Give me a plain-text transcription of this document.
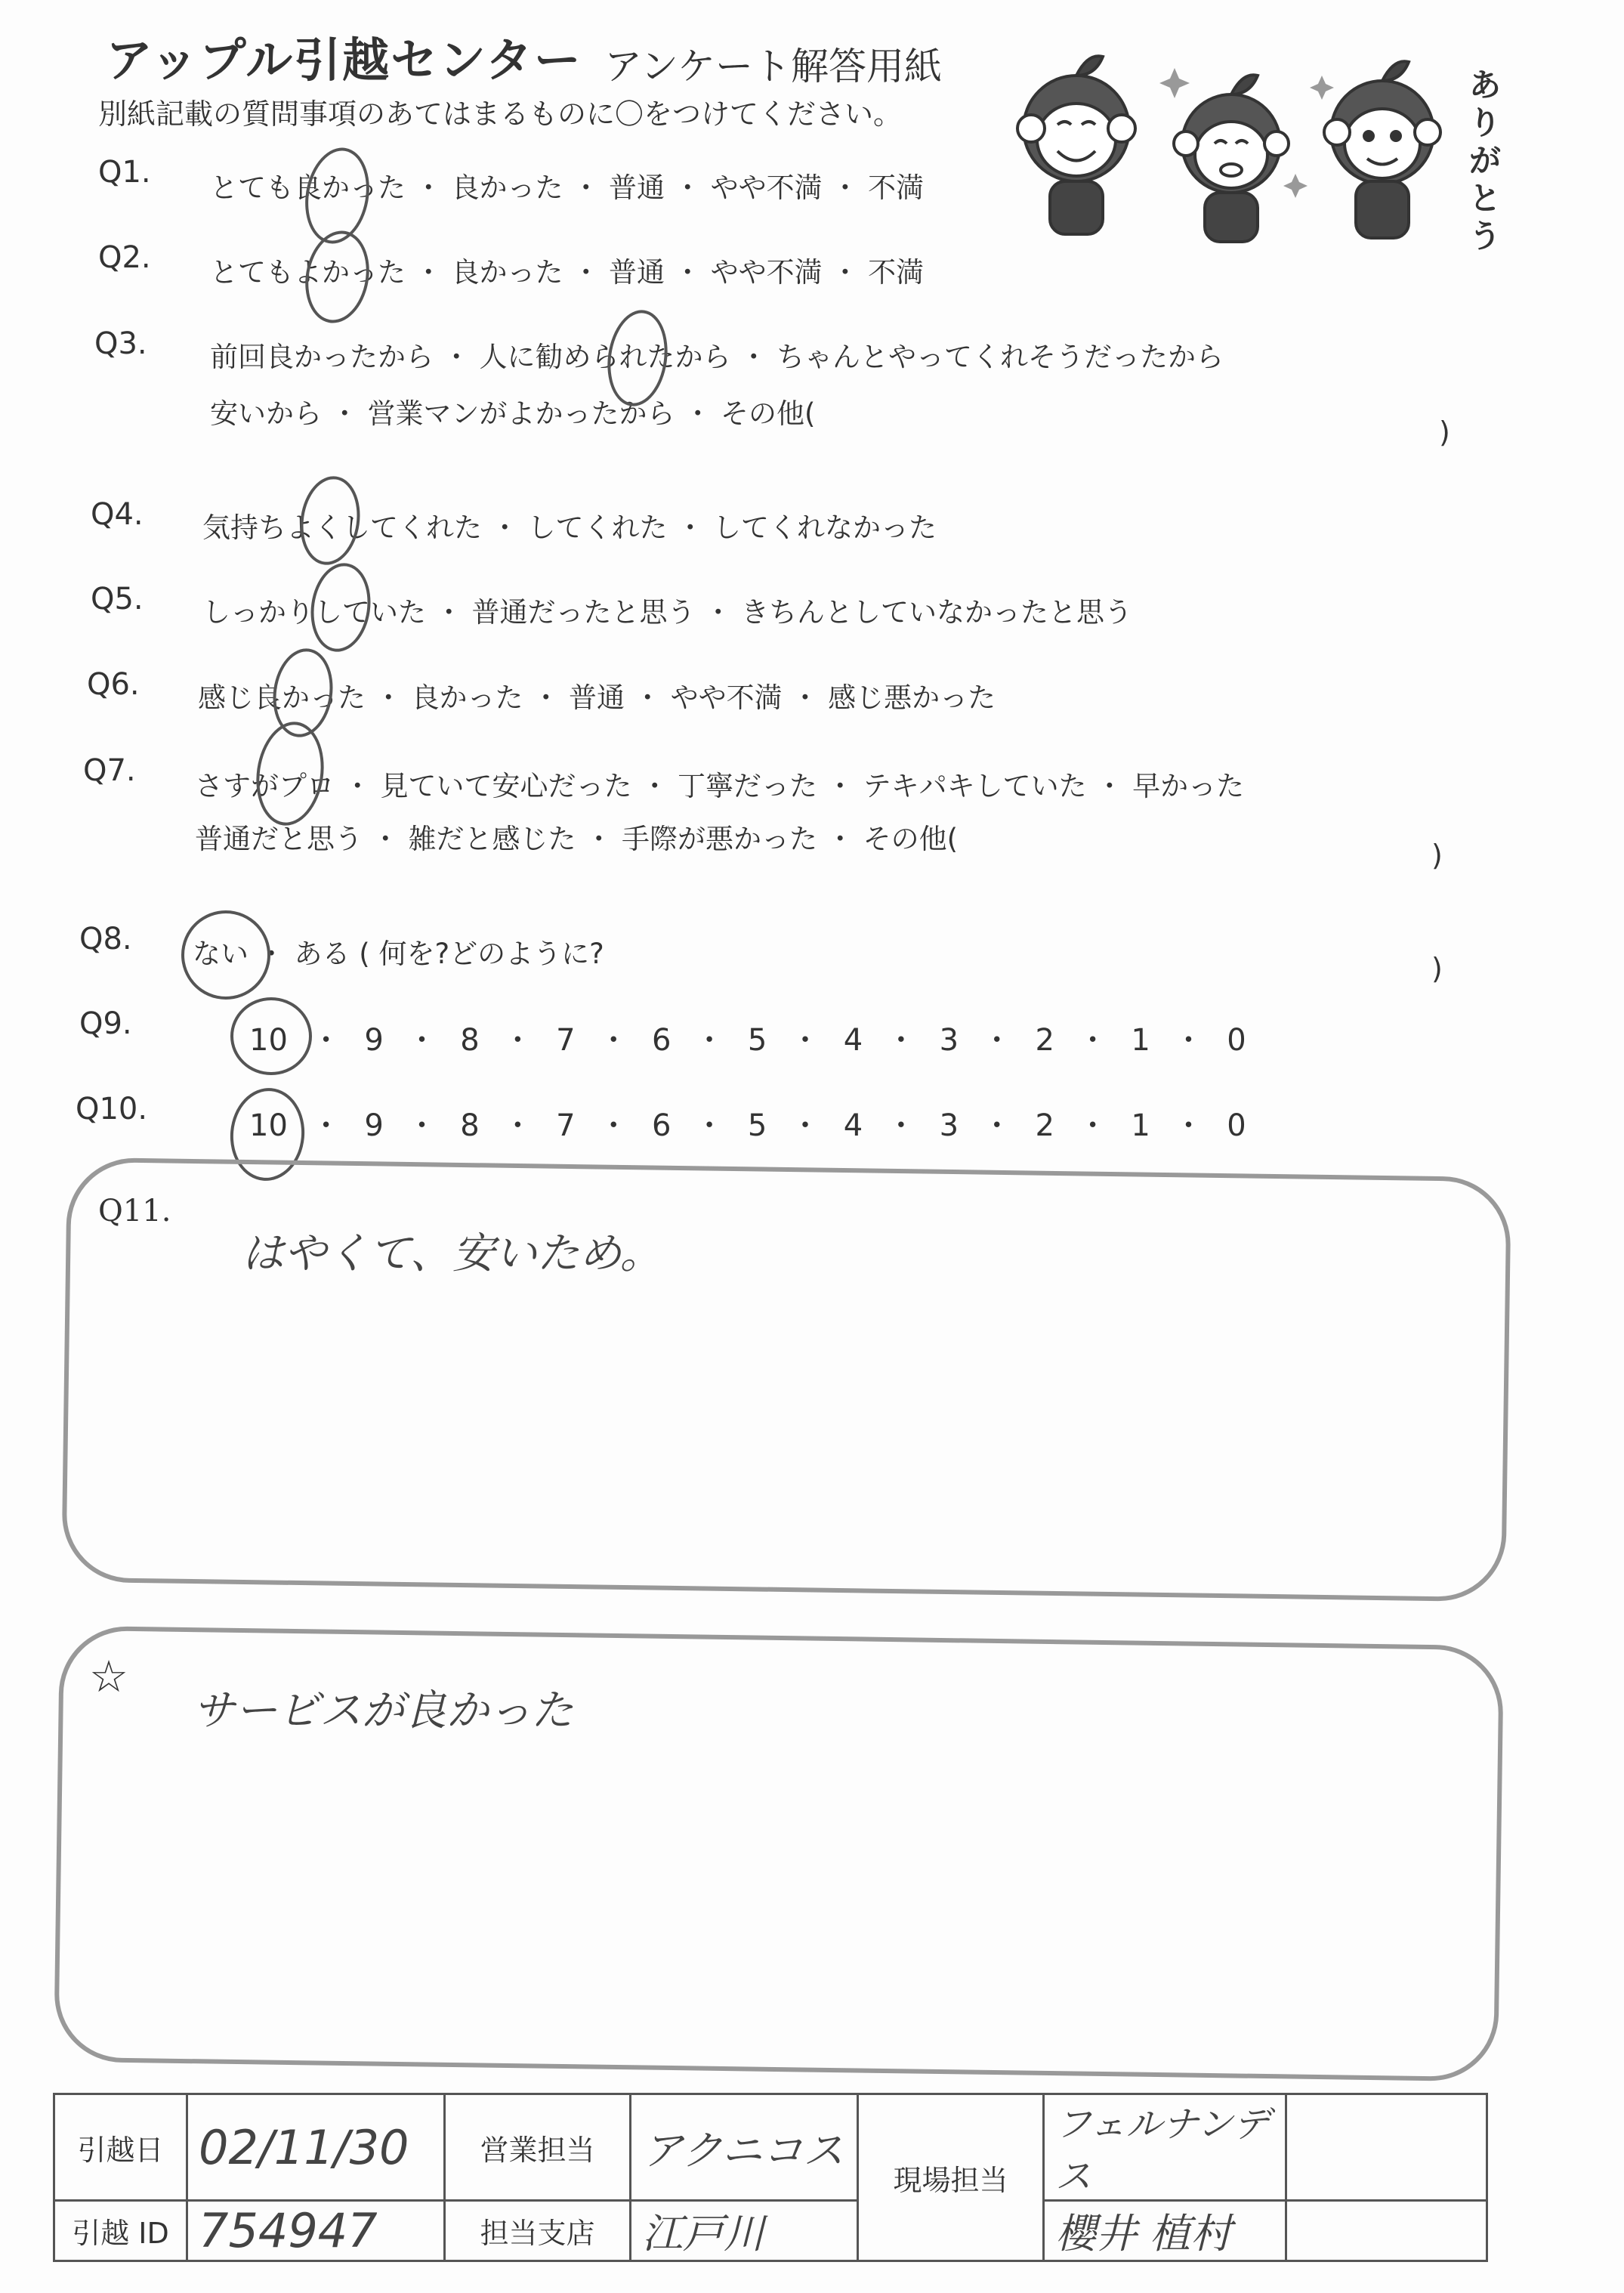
アップル引越センター アンケート解答用紙
別紙記載の質問事項のあてはまるものに〇をつけてください。
ありがとう
Q1. とても良かった ・ 良かった ・ 普通 ・ やや不満 ・ 不満
Q2. とてもよかった ・ 良かった ・ 普通 ・ やや不満 ・ 不満
Q3. 前回良かったから ・ 人に勧められたから ・ ちゃんとやってくれそうだったから
安いから ・ 営業マンがよかったから ・ その他(
)
Q4. 気持ちよくしてくれた ・ してくれた ・ してくれなかった
Q5. しっかりしていた ・ 普通だったと思う ・ きちんとしていなかったと思う
Q6. 感じ良かった ・ 良かった ・ 普通 ・ やや不満 ・ 感じ悪かった
Q7. さすがプロ ・ 見ていて安心だった ・ 丁寧だった ・ テキパキしていた ・ 早かった
普通だと思う ・ 雑だと感じた ・ 手際が悪かった ・ その他(	)
Q8. ない ・ ある ( 何を?どのように?	)
Q9.	10 ・ 9 ・ 8 ・ 7 ・ 6 ・ 5 ・ 4 ・ 3 ・ 2 ・ 1 ・ 0
Q10.	10 ・ 9 ・ 8 ・ 7 ・ 6 ・ 5 ・ 4 ・ 3 ・ 2 ・ 1 ・ 0
Q11.
はやくて、安いため。
☆
サービスが良かった
引越日	02/11/30	営業担当	アクニコス	現場担当	フェルナンデス	
引越 ID	754947	担当支店	江戸川		櫻井 植村	
